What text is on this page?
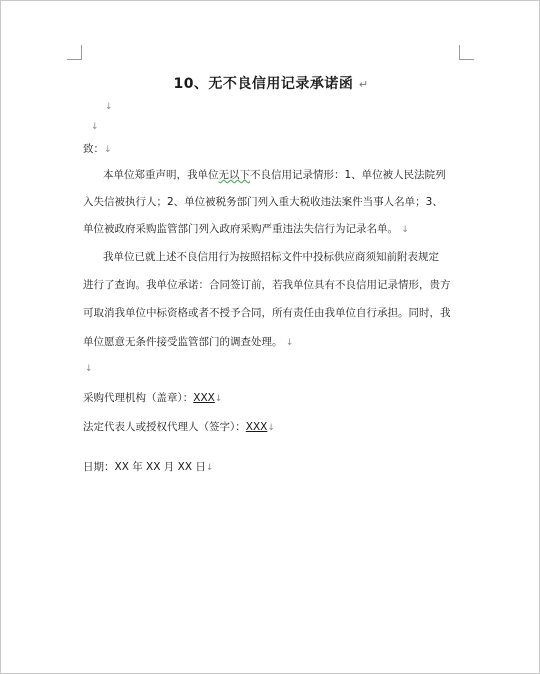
10、无不良信用记录承诺函 ↵
↓
↓
致：↓
本单位郑重声明，我单位无以下不良信用记录情形：1、单位被人民法院列
入失信被执行人；2、单位被税务部门列入重大税收违法案件当事人名单；3、
单位被政府采购监管部门列入政府采购严重违法失信行为记录名单。 ↓
我单位已就上述不良信用行为按照招标文件中投标供应商须知前附表规定
进行了查询。我单位承诺：合同签订前，若我单位具有不良信用记录情形，贵方
可取消我单位中标资格或者不授予合同，所有责任由我单位自行承担。同时，我
单位愿意无条件接受监管部门的调查处理。 ↓
↓
采购代理机构（盖章）：XXX↓
法定代表人或授权代理人（签字）：XXX↓
日期：XX 年 XX 月 XX 日↓
